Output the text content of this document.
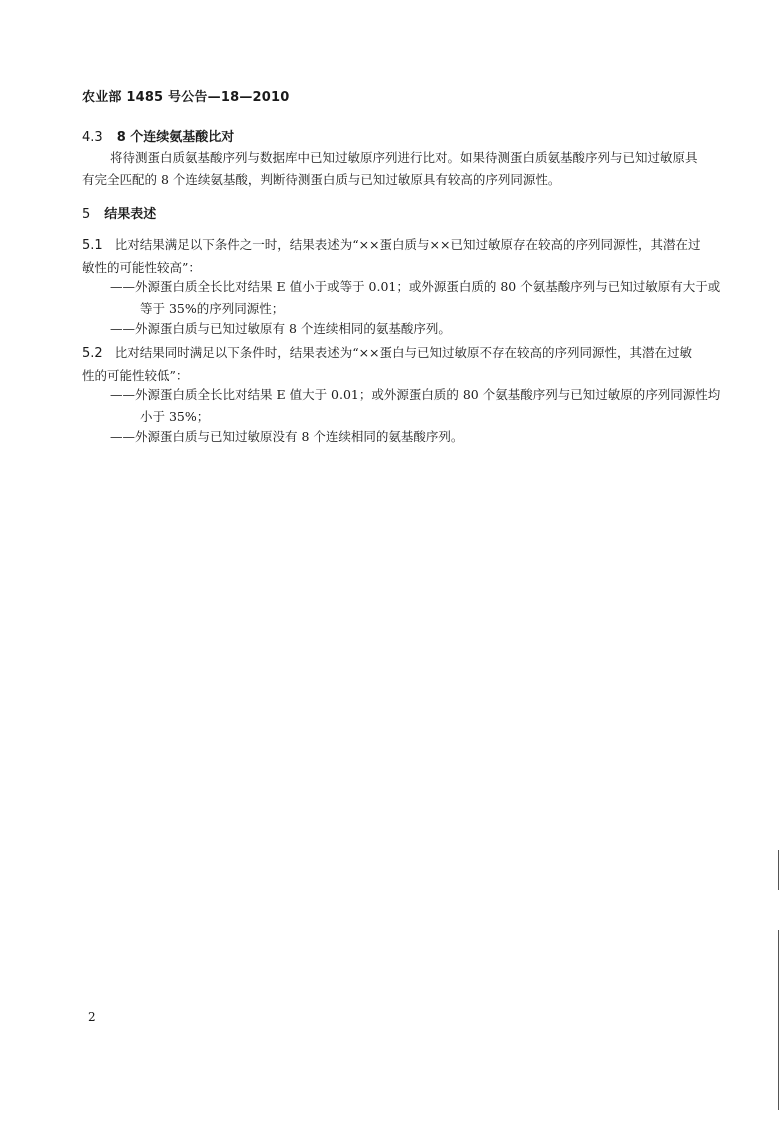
农业部 1485 号公告—18—2010
4.3 8 个连续氨基酸比对
将待测蛋白质氨基酸序列与数据库中已知过敏原序列进行比对。如果待测蛋白质氨基酸序列与已知过敏原具有完全匹配的 8 个连续氨基酸，判断待测蛋白质与已知过敏原具有较高的序列同源性。
5 结果表述
5.1 比对结果满足以下条件之一时，结果表述为“××蛋白质与××已知过敏原存在较高的序列同源性，其潜在过敏性的可能性较高”：
——外源蛋白质全长比对结果 E 值小于或等于 0.01；或外源蛋白质的 80 个氨基酸序列与已知过敏原有大于或等于 35%的序列同源性；
——外源蛋白质与已知过敏原有 8 个连续相同的氨基酸序列。
5.2 比对结果同时满足以下条件时，结果表述为“××蛋白与已知过敏原不存在较高的序列同源性，其潜在过敏性的可能性较低”：
——外源蛋白质全长比对结果 E 值大于 0.01；或外源蛋白质的 80 个氨基酸序列与已知过敏原的序列同源性均小于 35%；
——外源蛋白质与已知过敏原没有 8 个连续相同的氨基酸序列。
2
